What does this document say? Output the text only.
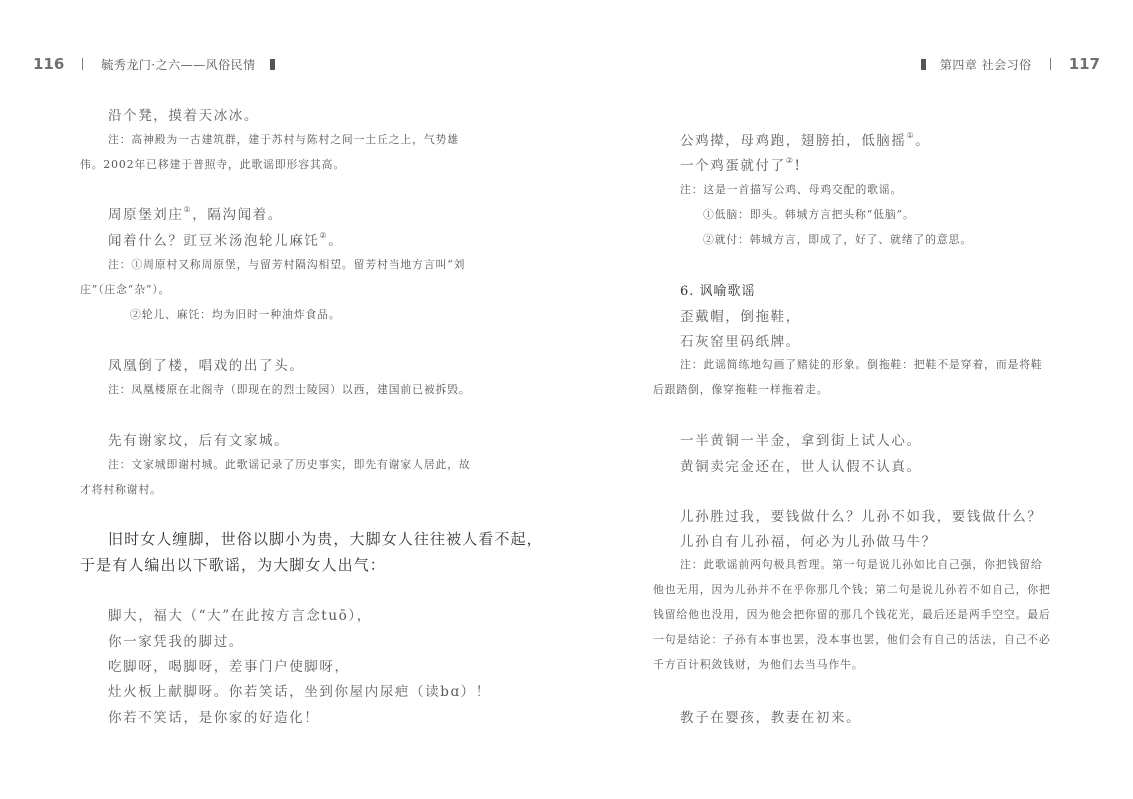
116	毓秀龙门·之六——风俗民情	第四章 社会习俗 117
沿个凳，摸着天冰冰。
注：高神殿为一古建筑群，建于苏村与陈村之间一土丘之上，气势雄
伟。2002年已移建于普照寺，此歌谣即形容其高。
周原堡刘庄①，隔沟闻着。
闻着什么？豇豆米汤泡轮儿麻饦②。
注：①周原村又称周原堡，与留芳村隔沟相望。留芳村当地方言叫“刘
庄”（庄念“杂”）。
②轮儿、麻饦：均为旧时一种油炸食品。
凤凰倒了楼，唱戏的出了头。
注：凤凰楼原在北阁寺（即现在的烈士陵园）以西，建国前已被拆毁。
先有谢家坟，后有文家城。
注：文家城即谢村城。此歌谣记录了历史事实，即先有谢家人居此，故
才将村称谢村。
旧时女人缠脚，世俗以脚小为贵，大脚女人往往被人看不起，
于是有人编出以下歌谣，为大脚女人出气：
脚大，福大（“大”在此按方言念tuō），
你一家凭我的脚过。
吃脚呀，喝脚呀，差事门户使脚呀，
灶火板上献脚呀。你若笑话，坐到你屋内尿疤（读bɑ）！
你若不笑话，是你家的好造化！
公鸡撵，母鸡跑，翅膀拍，低脑摇①。
一个鸡蛋就付了②!
注：这是一首描写公鸡、母鸡交配的歌谣。
①低脑：即头。韩城方言把头称“低脑”。
②就付：韩城方言，即成了，好了、就绪了的意思。
6. 讽喻歌谣
歪戴帽，倒拖鞋，
石灰窑里码纸牌。
注：此谣简练地勾画了赌徒的形象。倒拖鞋：把鞋不是穿着，而是将鞋
后跟踏倒，像穿拖鞋一样拖着走。
一半黄铜一半金，拿到街上试人心。
黄铜卖完金还在，世人认假不认真。
儿孙胜过我，要钱做什么？儿孙不如我，要钱做什么？
儿孙自有儿孙福，何必为儿孙做马牛？
注：此歌谣前两句极具哲理。第一句是说儿孙如比自己强，你把钱留给
他也无用，因为儿孙并不在乎你那几个钱；第二句是说儿孙若不如自己，你把
钱留给他也没用，因为他会把你留的那几个钱花光，最后还是两手空空。最后
一句是结论：子孙有本事也罢，没本事也罢，他们会有自己的活法，自己不必
千方百计积敛钱财，为他们去当马作牛。
教子在婴孩，教妻在初来。
